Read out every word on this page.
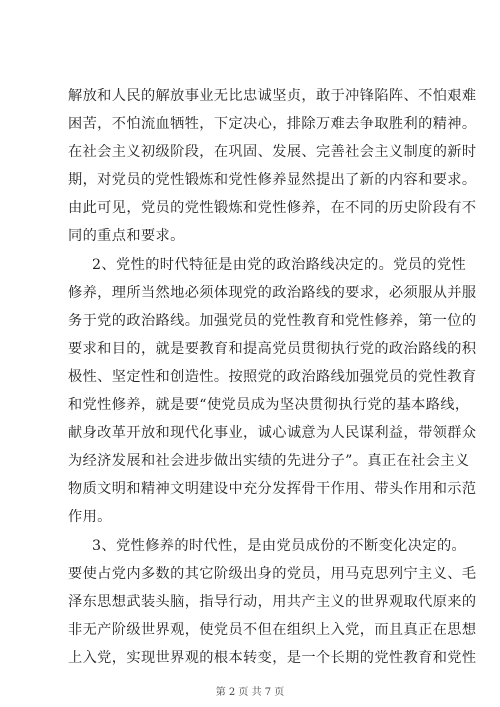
解放和人民的解放事业无比忠诚坚贞，敢于冲锋陷阵、不怕艰难
困苦，不怕流血牺牲，下定决心，排除万难去争取胜利的精神。
在社会主义初级阶段，在巩固、发展、完善社会主义制度的新时
期，对党员的党性锻炼和党性修养显然提出了新的内容和要求。
由此可见，党员的党性锻炼和党性修养，在不同的历史阶段有不
同的重点和要求。
2、党性的时代特征是由党的政治路线决定的。党员的党性
修养，理所当然地必须体现党的政治路线的要求，必须服从并服
务于党的政治路线。加强党员的党性教育和党性修养，第一位的
要求和目的，就是要教育和提高党员贯彻执行党的政治路线的积
极性、坚定性和创造性。按照党的政治路线加强党员的党性教育
和党性修养，就是要“使党员成为坚决贯彻执行党的基本路线，
献身改革开放和现代化事业，诚心诚意为人民谋利益，带领群众
为经济发展和社会进步做出实绩的先进分子”。真正在社会主义
物质文明和精神文明建设中充分发挥骨干作用、带头作用和示范
作用。
3、党性修养的时代性，是由党员成份的不断变化决定的。
要使占党内多数的其它阶级出身的党员，用马克思列宁主义、毛
泽东思想武装头脑，指导行动，用共产主义的世界观取代原来的
非无产阶级世界观，使党员不但在组织上入党，而且真正在思想
上入党，实现世界观的根本转变，是一个长期的党性教育和党性
第 2 页 共 7 页
